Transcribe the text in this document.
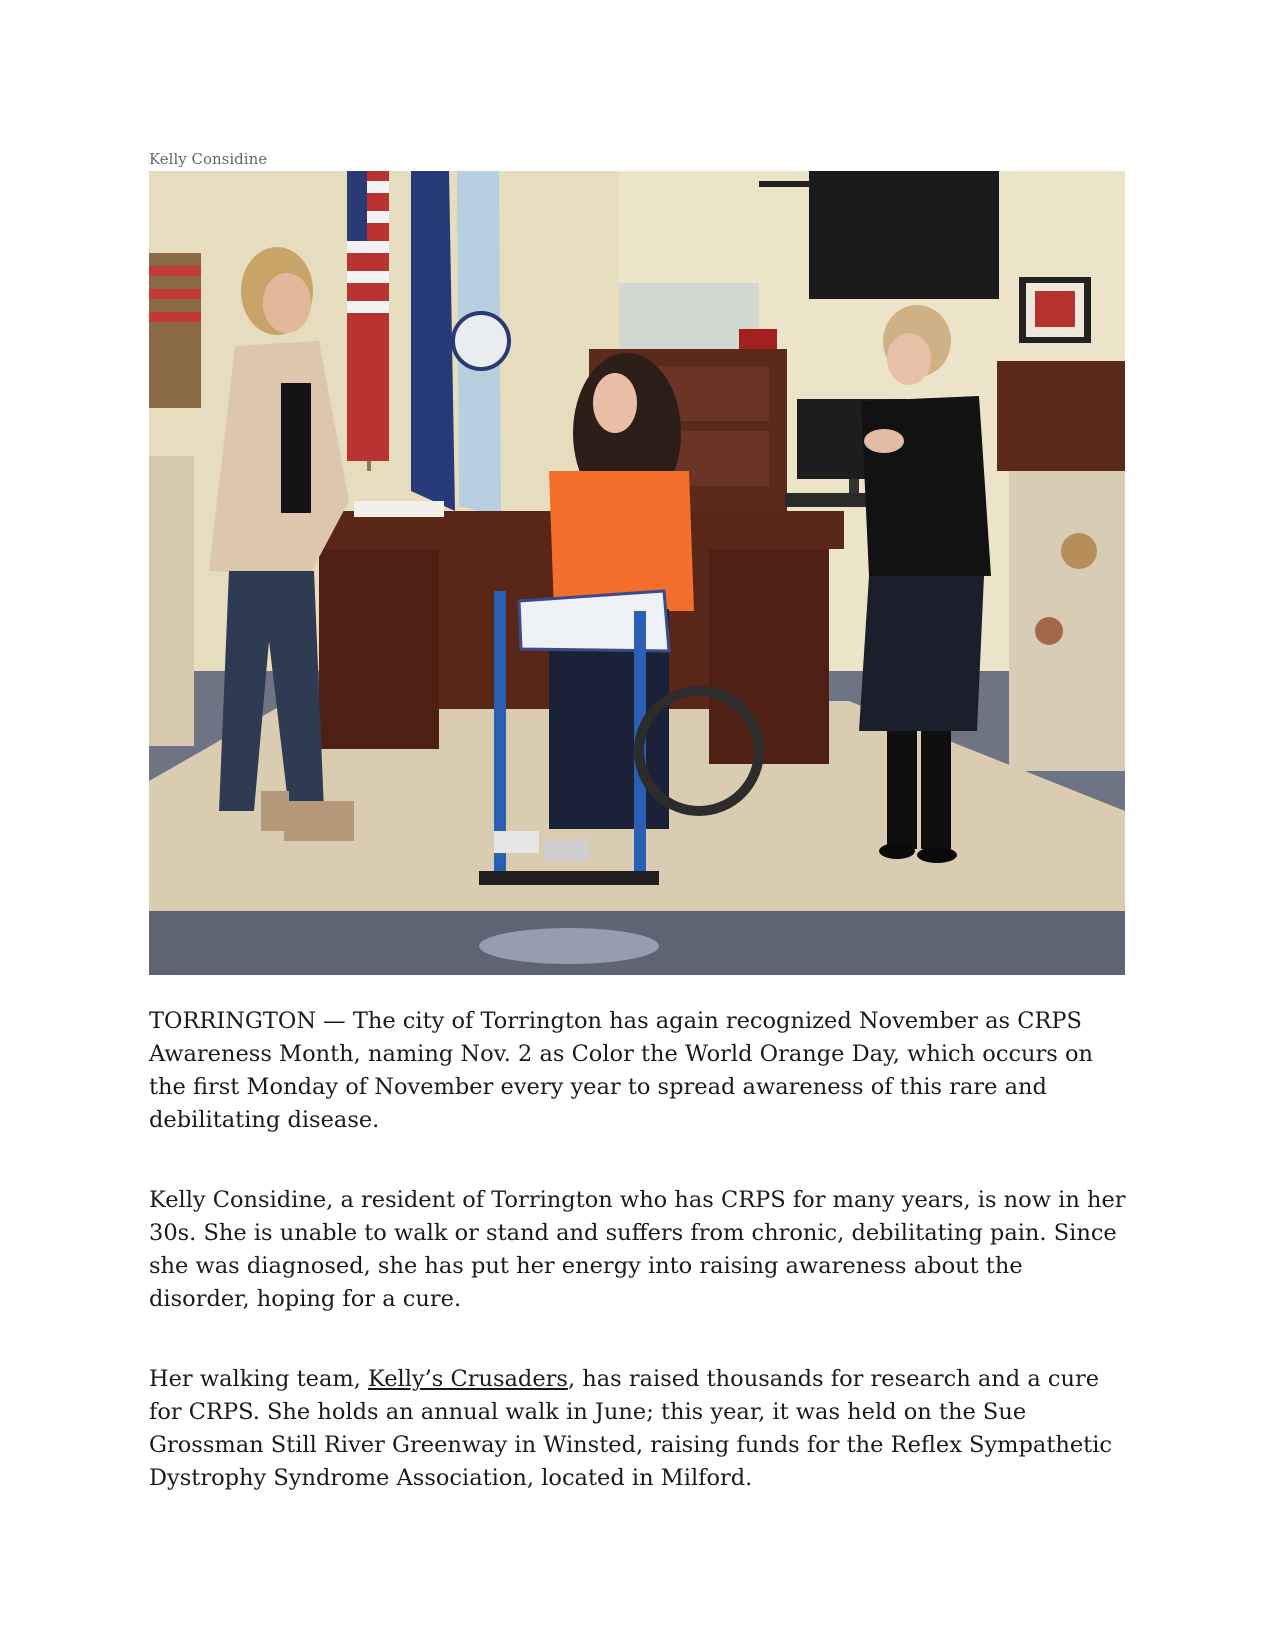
Kelly Considine

TORRINGTON — The city of Torrington has again recognized November as CRPS Awareness Month, naming Nov. 2 as Color the World Orange Day, which occurs on the first Monday of November every year to spread awareness of this rare and debilitating disease.

Kelly Considine, a resident of Torrington who has CRPS for many years, is now in her 30s. She is unable to walk or stand and suffers from chronic, debilitating pain. Since she was diagnosed, she has put her energy into raising awareness about the disorder, hoping for a cure.

Her walking team, Kelly’s Crusaders, has raised thousands for research and a cure for CRPS. She holds an annual walk in June; this year, it was held on the Sue Grossman Still River Greenway in Winsted, raising funds for the Reflex Sympathetic Dystrophy Syndrome Association, located in Milford.
